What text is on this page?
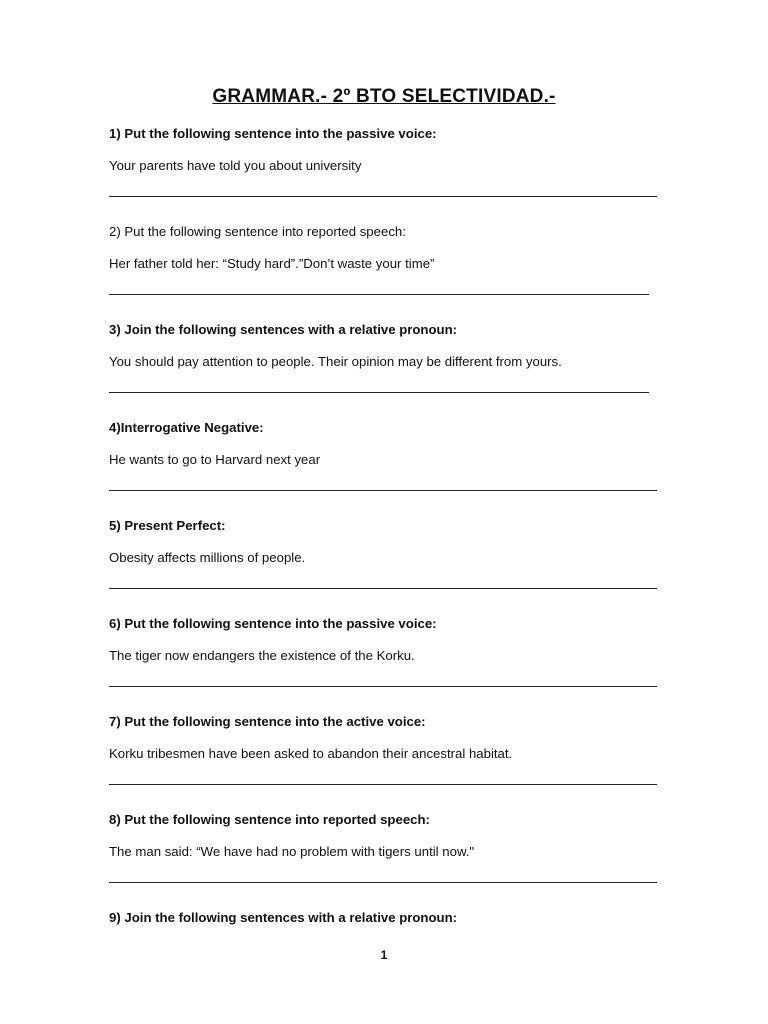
GRAMMAR.- 2º BTO SELECTIVIDAD.-
1) Put the following sentence into the passive voice:
Your parents have told you about university
2) Put the following sentence into reported speech:
Her father told her: “Study hard”.”Don’t waste your time”
3) Join the following sentences with a relative pronoun:
You should pay attention to people. Their opinion may be different from yours.
4)Interrogative Negative:
He wants to go to Harvard next year
5) Present Perfect:
Obesity affects millions of people.
6) Put the following sentence into the passive voice:
The tiger now endangers the existence of the Korku.
7) Put the following sentence into the active voice:
Korku tribesmen have been asked to abandon their ancestral habitat.
8) Put the following sentence into reported speech:
The man said: “We have had no problem with tigers until now."
9) Join the following sentences with a relative pronoun:
1
